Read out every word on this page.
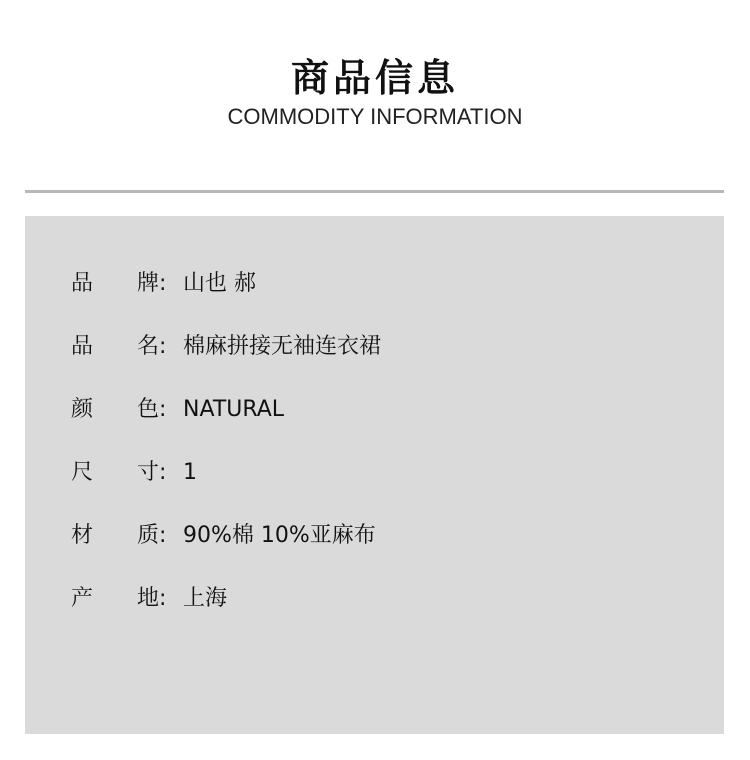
商品信息
COMMODITY INFORMATION
品	牌 : 山也 郝
品	名 : 棉麻拼接无袖连衣裙
颜	色 : NATURAL
尺	寸 : 1
材	质 : 90%棉 10%亚麻布
产	地 : 上海
